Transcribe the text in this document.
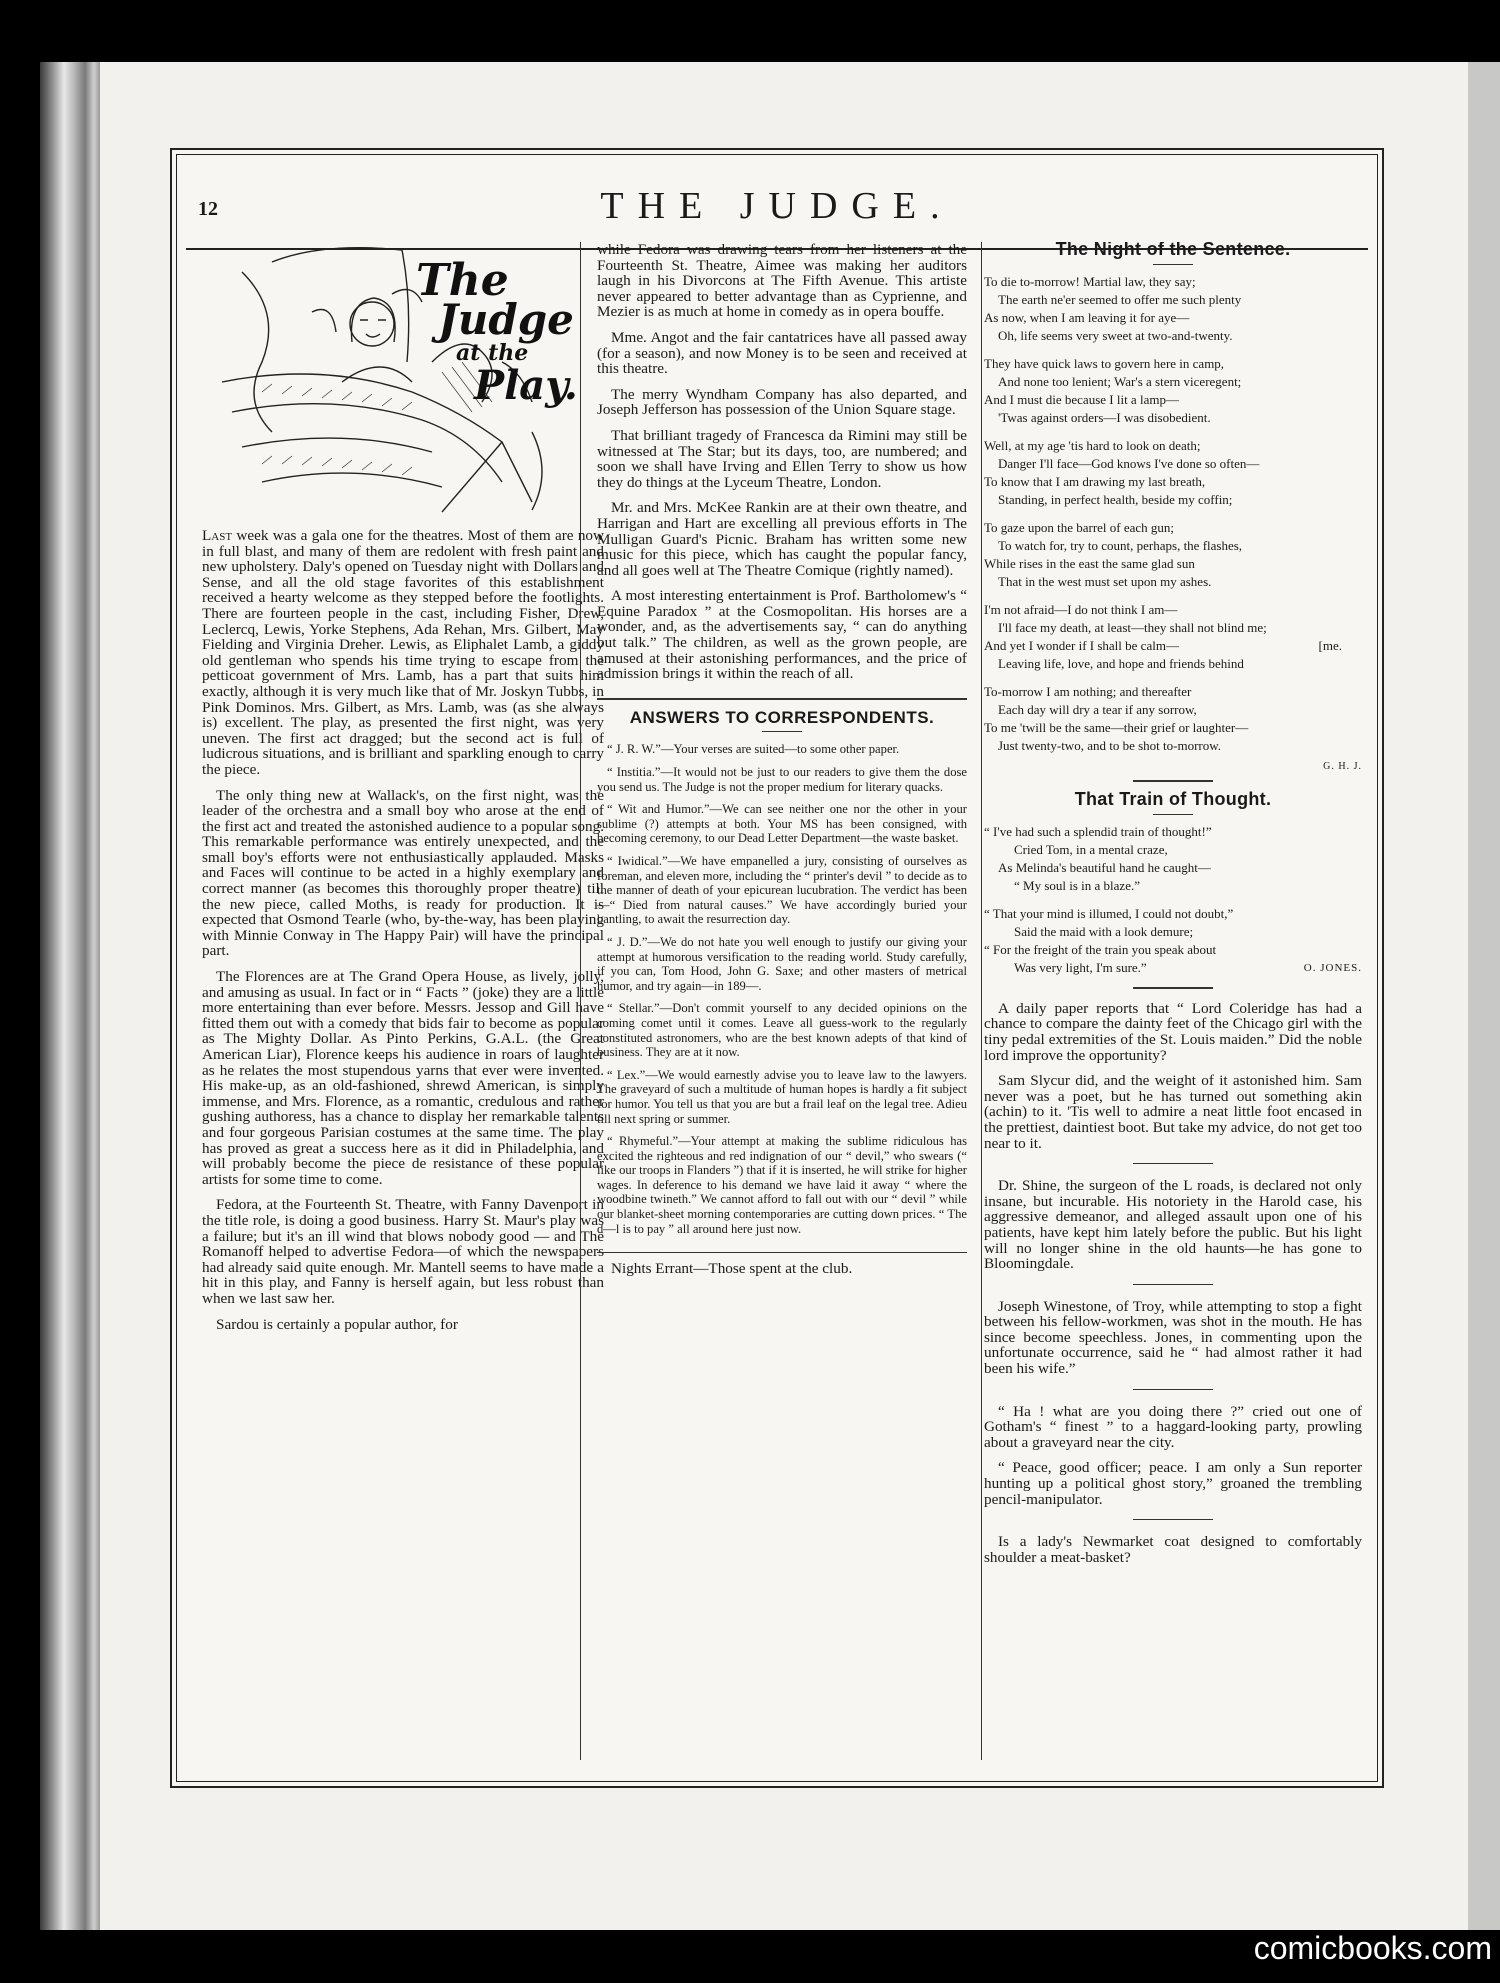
12	THE JUDGE.
The
Judge
at the
Play.

Last week was a gala one for the theatres. Most of them are now in full blast, and many of them are redolent with fresh paint and new upholstery. Daly's opened on Tuesday night with Dollars and Sense, and all the old stage favorites of this establishment received a hearty welcome as they stepped before the footlights. There are fourteen people in the cast, including Fisher, Drew, Leclercq, Lewis, Yorke Stephens, Ada Rehan, Mrs. Gilbert, May Fielding and Virginia Dreher. Lewis, as Eliphalet Lamb, a giddy old gentleman who spends his time trying to escape from the petticoat government of Mrs. Lamb, has a part that suits him exactly, although it is very much like that of Mr. Joskyn Tubbs, in Pink Dominos. Mrs. Gilbert, as Mrs. Lamb, was (as she always is) excellent. The play, as presented the first night, was very uneven. The first act dragged; but the second act is full of ludicrous situations, and is brilliant and sparkling enough to carry the piece.

The only thing new at Wallack's, on the first night, was the leader of the orchestra and a small boy who arose at the end of the first act and treated the astonished audience to a popular song. This remarkable performance was entirely unexpected, and the small boy's efforts were not enthusiastically applauded. Masks and Faces will continue to be acted in a highly exemplary and correct manner (as becomes this thoroughly proper theatre) till the new piece, called Moths, is ready for production. It is expected that Osmond Tearle (who, by-the-way, has been playing with Minnie Conway in The Happy Pair) will have the principal part.

The Florences are at The Grand Opera House, as lively, jolly, and amusing as usual. In fact or in “ Facts ” (joke) they are a little more entertaining than ever before. Messrs. Jessop and Gill have fitted them out with a comedy that bids fair to become as popular as The Mighty Dollar. As Pinto Perkins, G.A.L. (the Great American Liar), Florence keeps his audience in roars of laughter as he relates the most stupendous yarns that ever were invented. His make-up, as an old-fashioned, shrewd American, is simply immense, and Mrs. Florence, as a romantic, credulous and rather gushing authoress, has a chance to display her remarkable talents and four gorgeous Parisian costumes at the same time. The play has proved as great a success here as it did in Philadelphia, and will probably become the piece de resistance of these popular artists for some time to come.

Fedora, at the Fourteenth St. Theatre, with Fanny Davenport in the title role, is doing a good business. Harry St. Maur's play was a failure; but it's an ill wind that blows nobody good — and The Romanoff helped to advertise Fedora—of which the newspapers had already said quite enough. Mr. Mantell seems to have made a hit in this play, and Fanny is herself again, but less robust than when we last saw her.

Sardou is certainly a popular author, for

while Fedora was drawing tears from her listeners at the Fourteenth St. Theatre, Aimee was making her auditors laugh in his Divorcons at The Fifth Avenue. This artiste never appeared to better advantage than as Cyprienne, and Mezier is as much at home in comedy as in opera bouffe.

Mme. Angot and the fair cantatrices have all passed away (for a season), and now Money is to be seen and received at this theatre.

The merry Wyndham Company has also departed, and Joseph Jefferson has possession of the Union Square stage.

That brilliant tragedy of Francesca da Rimini may still be witnessed at The Star; but its days, too, are numbered; and soon we shall have Irving and Ellen Terry to show us how they do things at the Lyceum Theatre, London.

Mr. and Mrs. McKee Rankin are at their own theatre, and Harrigan and Hart are excelling all previous efforts in The Mulligan Guard's Picnic. Braham has written some new music for this piece, which has caught the popular fancy, and all goes well at The Theatre Comique (rightly named).

A most interesting entertainment is Prof. Bartholomew's “ Equine Paradox ” at the Cosmopolitan. His horses are a wonder, and, as the advertisements say, “ can do anything but talk.” The children, as well as the grown people, are amused at their astonishing performances, and the price of admission brings it within the reach of all.

ANSWERS TO CORRESPONDENTS.

“ J. R. W.”—Your verses are suited—to some other paper.

“ Institia.”—It would not be just to our readers to give them the dose you send us. The Judge is not the proper medium for literary quacks.

“ Wit and Humor.”—We can see neither one nor the other in your sublime (?) attempts at both. Your MS has been consigned, with becoming ceremony, to our Dead Letter Department—the waste basket.

“ Iwidical.”—We have empanelled a jury, consisting of ourselves as foreman, and eleven more, including the “ printer's devil ” to decide as to the manner of death of your epicurean lucubration. The verdict has been—“ Died from natural causes.” We have accordingly buried your bantling, to await the resurrection day.

“ J. D.”—We do not hate you well enough to justify our giving your attempt at humorous versification to the reading world. Study carefully, if you can, Tom Hood, John G. Saxe; and other masters of metrical humor, and try again—in 189—.

“ Stellar.”—Don't commit yourself to any decided opinions on the coming comet until it comes. Leave all guess-work to the regularly constituted astronomers, who are the best known adepts of that kind of business. They are at it now.

“ Lex.”—We would earnestly advise you to leave law to the lawyers. The graveyard of such a multitude of human hopes is hardly a fit subject for humor. You tell us that you are but a frail leaf on the legal tree. Adieu till next spring or summer.

“ Rhymeful.”—Your attempt at making the sublime ridiculous has excited the righteous and red indignation of our “ devil,” who swears (“ like our troops in Flanders ”) that if it is inserted, he will strike for higher wages. In deference to his demand we have laid it away “ where the woodbine twineth.” We cannot afford to fall out with our “ devil ” while our blanket-sheet morning contemporaries are cutting down prices. “ The d—l is to pay ” all around here just now.

Nights Errant—Those spent at the club.

The Night of the Sentence.
To die to-morrow! Martial law, they say;
The earth ne'er seemed to offer me such plenty
As now, when I am leaving it for aye—
Oh, life seems very sweet at two-and-twenty.
They have quick laws to govern here in camp,
And none too lenient; War's a stern viceregent;
And I must die because I lit a lamp—
'Twas against orders—I was disobedient.
Well, at my age 'tis hard to look on death;
Danger I'll face—God knows I've done so often—
To know that I am drawing my last breath,
Standing, in perfect health, beside my coffin;
To gaze upon the barrel of each gun;
To watch for, try to count, perhaps, the flashes,
While rises in the east the same glad sun
That in the west must set upon my ashes.
I'm not afraid—I do not think I am—
I'll face my death, at least—they shall not blind me;
And yet I wonder if I shall be calm—	[me.
Leaving life, love, and hope and friends behind
To-morrow I am nothing; and thereafter
Each day will dry a tear if any sorrow,
To me 'twill be the same—their grief or laughter—
Just twenty-two, and to be shot to-morrow.
G. H. J.
That Train of Thought.
“ I've had such a splendid train of thought!”
Cried Tom, in a mental craze,
As Melinda's beautiful hand he caught—
“ My soul is in a blaze.”
“ That your mind is illumed, I could not doubt,”
Said the maid with a look demure;
“ For the freight of the train you speak about
Was very light, I'm sure.”	O. JONES.

A daily paper reports that “ Lord Coleridge has had a chance to compare the dainty feet of the Chicago girl with the tiny pedal extremities of the St. Louis maiden.” Did the noble lord improve the opportunity?

Sam Slycur did, and the weight of it astonished him. Sam never was a poet, but he has turned out something akin (achin) to it. 'Tis well to admire a neat little foot encased in the prettiest, daintiest boot. But take my advice, do not get too near to it.

Dr. Shine, the surgeon of the L roads, is declared not only insane, but incurable. His notoriety in the Harold case, his aggressive demeanor, and alleged assault upon one of his patients, have kept him lately before the public. But his light will no longer shine in the old haunts—he has gone to Bloomingdale.

Joseph Winestone, of Troy, while attempting to stop a fight between his fellow-workmen, was shot in the mouth. He has since become speechless. Jones, in commenting upon the unfortunate occurrence, said he “ had almost rather it had been his wife.”

“ Ha ! what are you doing there ?” cried out one of Gotham's “ finest ” to a haggard-looking party, prowling about a graveyard near the city.

“ Peace, good officer; peace. I am only a Sun reporter hunting up a political ghost story,” groaned the trembling pencil-manipulator.

Is a lady's Newmarket coat designed to comfortably shoulder a meat-basket?

comicbooks.com
